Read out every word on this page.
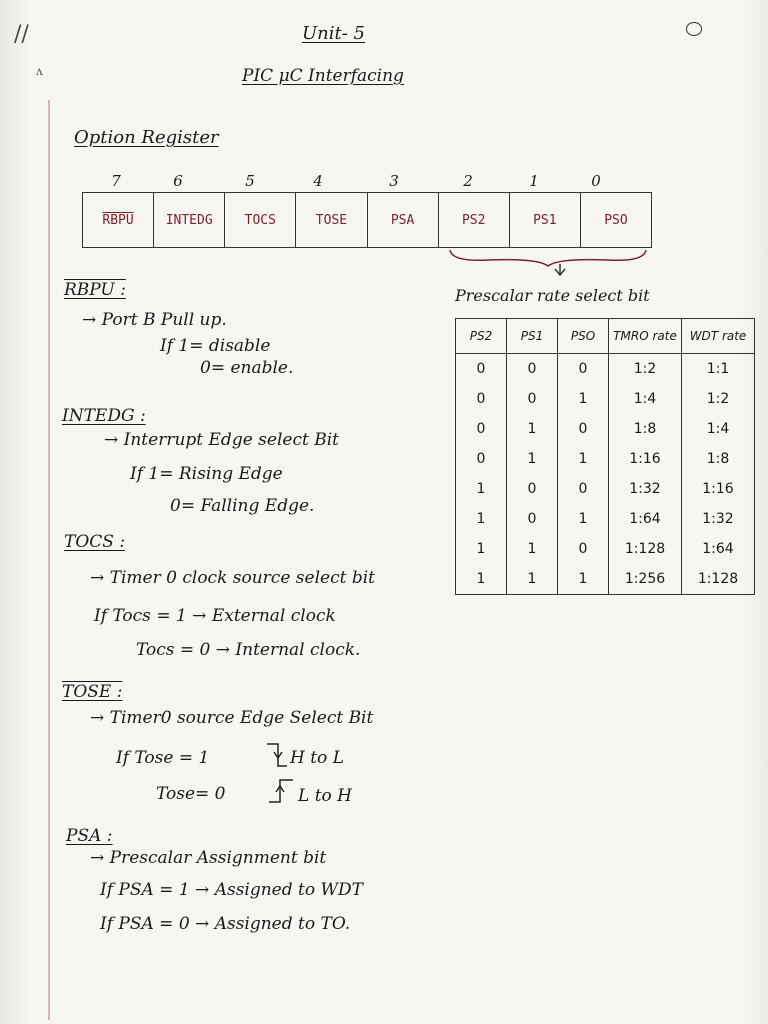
//
ʌ
Unit- 5
PIC μC Interfacing
Option Register
7	6	5	4	3	2	1	0
RBPU	INTEDG	TOCS	TOSE	PSA	PS2	PS1	PSO
RBPU :
→ Port B Pull up.
If 1= disable
0= enable.
INTEDG :
→ Interrupt Edge select Bit
If 1= Rising Edge
0= Falling Edge.
TOCS :
→ Timer 0 clock source select bit
If Tocs = 1 → External clock
Tocs = 0 → Internal clock.
TOSE :
→ Timer0 source Edge Select Bit
If Tose = 1	H to L
Tose= 0	L to H
PSA :
→ Prescalar Assignment bit
If PSA = 1 → Assigned to WDT
If PSA = 0 → Assigned to TO.
Prescalar rate select bit
PS2	PS1	PSO	TMRO rate	WDT rate
0	0	0	1:2	1:1
0	0	1	1:4	1:2
0	1	0	1:8	1:4
0	1	1	1:16	1:8
1	0	0	1:32	1:16
1	0	1	1:64	1:32
1	1	0	1:128	1:64
1	1	1	1:256	1:128
